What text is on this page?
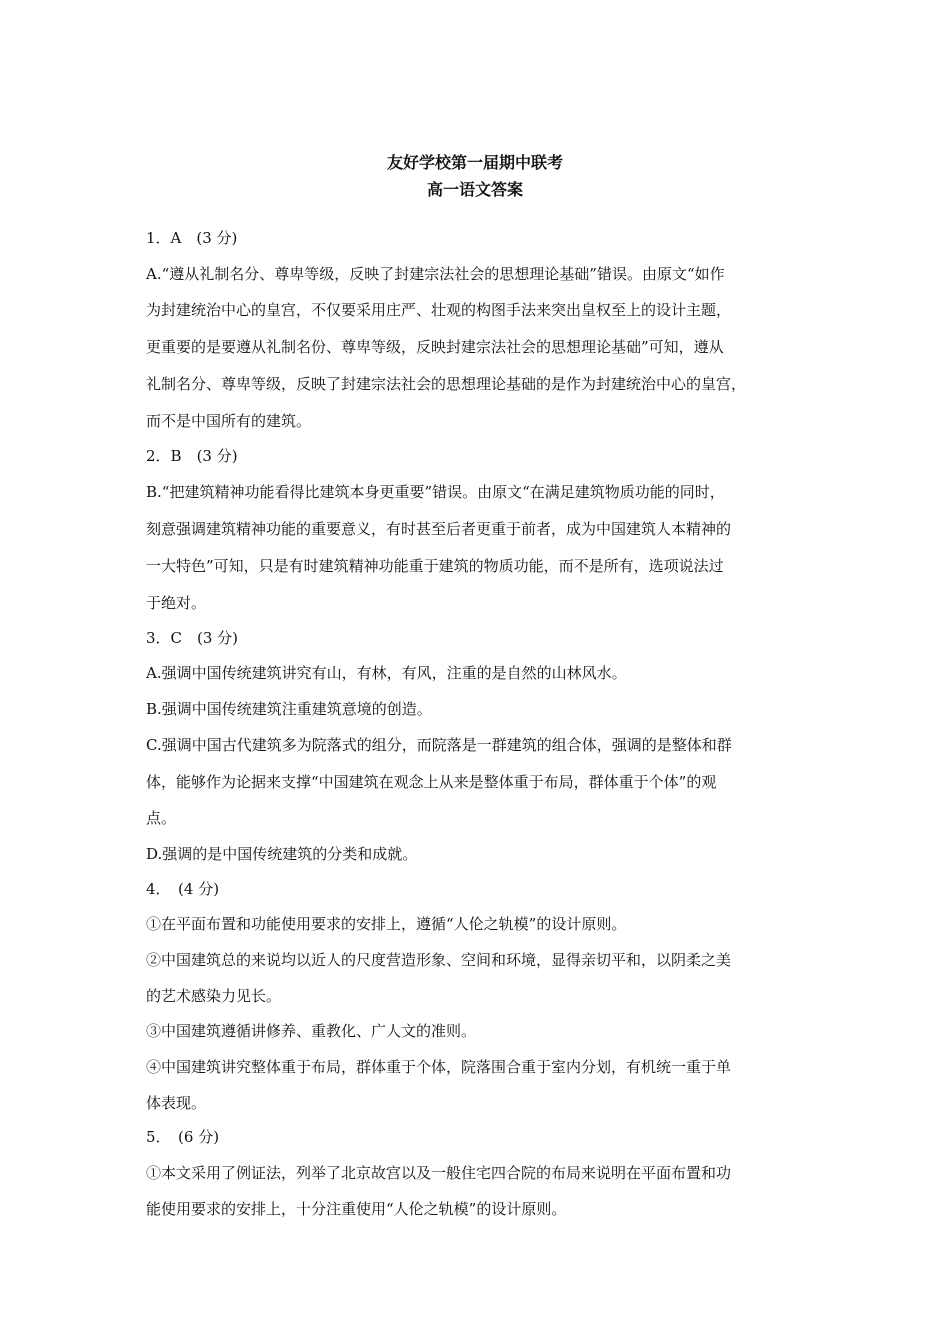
友好学校第一届期中联考
高一语文答案
1．A　(3 分)
A.“遵从礼制名分、尊卑等级，反映了封建宗法社会的思想理论基础”错误。由原文“如作
为封建统治中心的皇宫，不仅要采用庄严、壮观的构图手法来突出皇权至上的设计主题，
更重要的是要遵从礼制名份、尊卑等级，反映封建宗法社会的思想理论基础”可知，遵从
礼制名分、尊卑等级，反映了封建宗法社会的思想理论基础的是作为封建统治中心的皇宫，
而不是中国所有的建筑。
2．B　(3 分)
B.“把建筑精神功能看得比建筑本身更重要”错误。由原文“在满足建筑物质功能的同时，
刻意强调建筑精神功能的重要意义，有时甚至后者更重于前者，成为中国建筑人本精神的
一大特色”可知，只是有时建筑精神功能重于建筑的物质功能，而不是所有，选项说法过
于绝对。
3．C　(3 分)
A.强调中国传统建筑讲究有山，有林，有风，注重的是自然的山林风水。
B.强调中国传统建筑注重建筑意境的创造。
C.强调中国古代建筑多为院落式的组分，而院落是一群建筑的组合体，强调的是整体和群
体，能够作为论据来支撑“中国建筑在观念上从来是整体重于布局，群体重于个体”的观
点。
D.强调的是中国传统建筑的分类和成就。
4．　(4 分)
①在平面布置和功能使用要求的安排上，遵循“人伦之轨模”的设计原则。
②中国建筑总的来说均以近人的尺度营造形象、空间和环境，显得亲切平和，以阴柔之美
的艺术感染力见长。
③中国建筑遵循讲修养、重教化、广人文的准则。
④中国建筑讲究整体重于布局，群体重于个体，院落围合重于室内分划，有机统一重于单
体表现。
5．　(6 分)
①本文采用了例证法，列举了北京故宫以及一般住宅四合院的布局来说明在平面布置和功
能使用要求的安排上，十分注重使用“人伦之轨模”的设计原则。
